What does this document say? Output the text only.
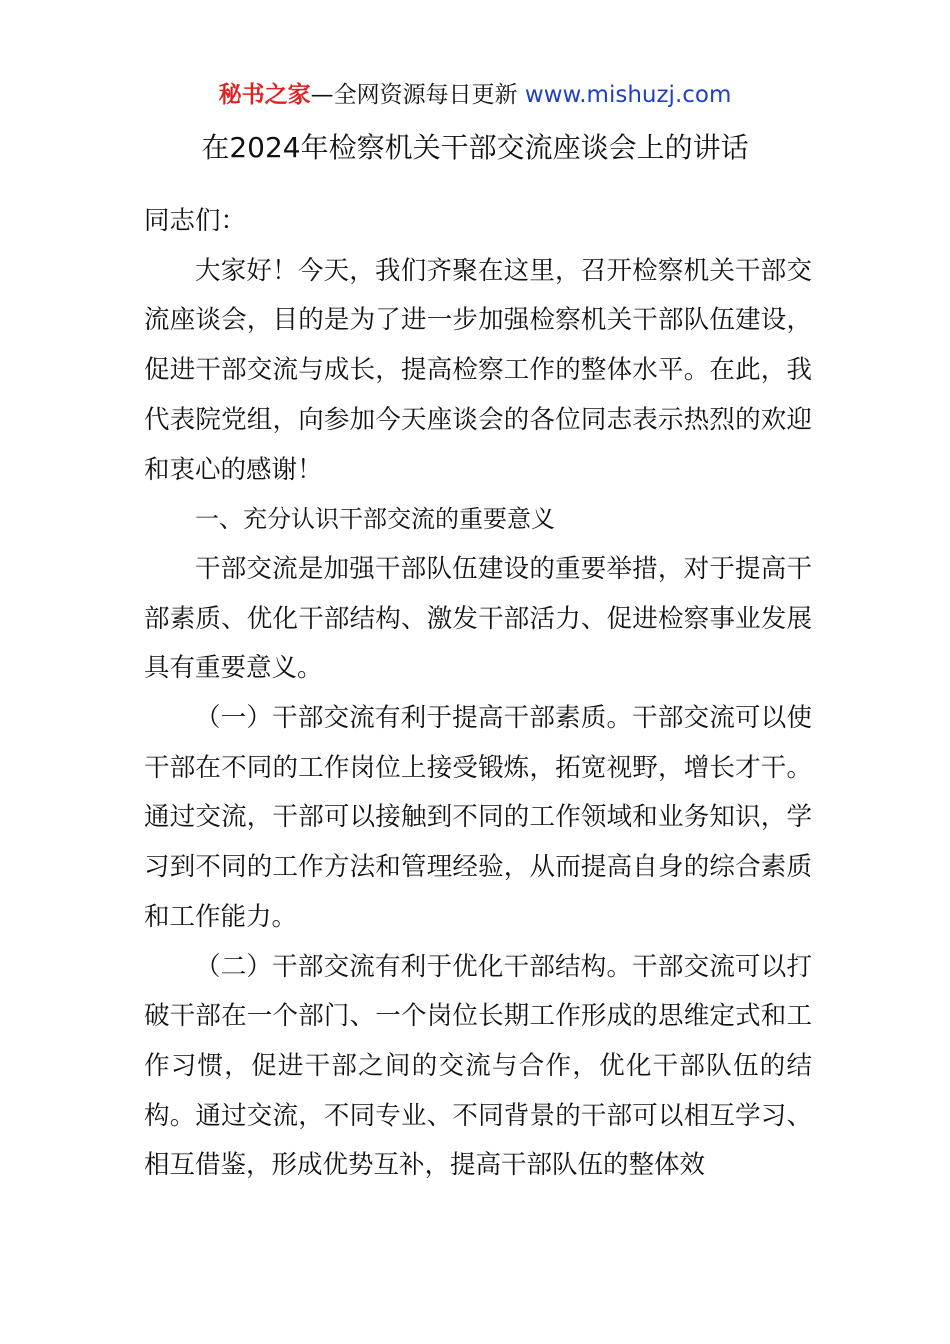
秘书之家—全网资源每日更新 www.mishuzj.com
在2024年检察机关干部交流座谈会上的讲话

同志们：

大家好！今天，我们齐聚在这里，召开检察机关干部交流座谈会，目的是为了进一步加强检察机关干部队伍建设，促进干部交流与成长，提高检察工作的整体水平。在此，我代表院党组，向参加今天座谈会的各位同志表示热烈的欢迎和衷心的感谢！

一、充分认识干部交流的重要意义

干部交流是加强干部队伍建设的重要举措，对于提高干部素质、优化干部结构、激发干部活力、促进检察事业发展具有重要意义。

（一）干部交流有利于提高干部素质。干部交流可以使干部在不同的工作岗位上接受锻炼，拓宽视野，增长才干。通过交流，干部可以接触到不同的工作领域和业务知识，学习到不同的工作方法和管理经验，从而提高自身的综合素质和工作能力。

（二）干部交流有利于优化干部结构。干部交流可以打破干部在一个部门、一个岗位长期工作形成的思维定式和工作习惯，促进干部之间的交流与合作，优化干部队伍的结构。通过交流，不同专业、不同背景的干部可以相互学习、相互借鉴，形成优势互补，提高干部队伍的整体效
